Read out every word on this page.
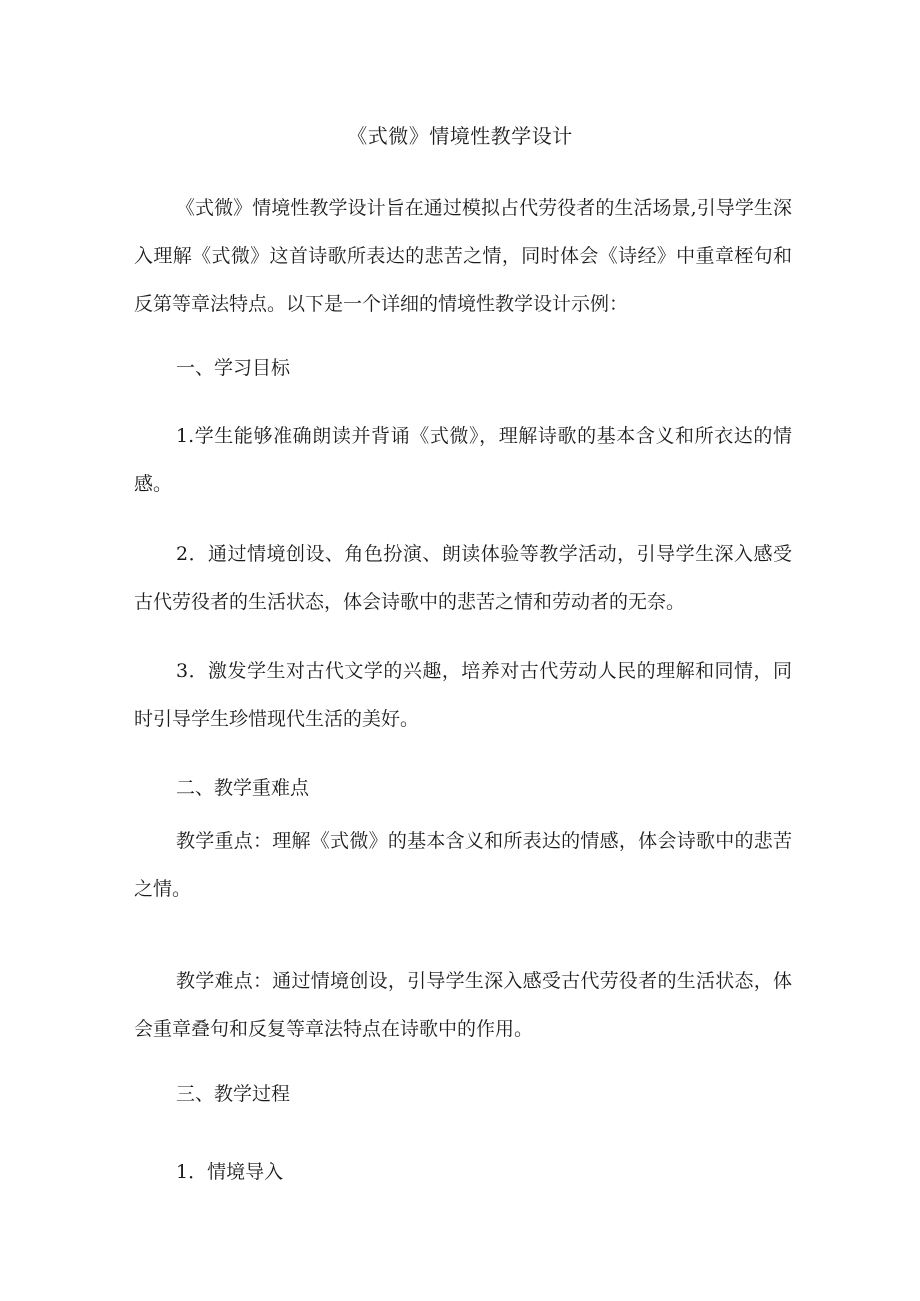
《式微》情境性教学设计

《式微》情境性教学设计旨在通过模拟占代劳役者的生活场景,引导学生深入理解《式微》这首诗歌所表达的悲苦之情，同时体会《诗经》中重章桎句和反第等章法特点。以下是一个详细的情境性教学设计示例：

一、学习目标

1.学生能够准确朗读并背诵《式微》，理解诗歌的基本含义和所衣达的情感。

2．通过情境创设、角色扮演、朗读体验等教学活动，引导学生深入感受古代劳役者的生活状态，体会诗歌中的悲苦之情和劳动者的无奈。

3．激发学生对古代文学的兴趣，培养对古代劳动人民的理解和同情，同时引导学生珍惜现代生活的美好。

二、教学重难点

教学重点：理解《式微》的基本含义和所表达的情感，体会诗歌中的悲苦之情。

教学难点：通过情境创设，引导学生深入感受古代劳役者的生活状态，体会重章叠句和反复等章法特点在诗歌中的作用。

三、教学过程

1．情境导入
